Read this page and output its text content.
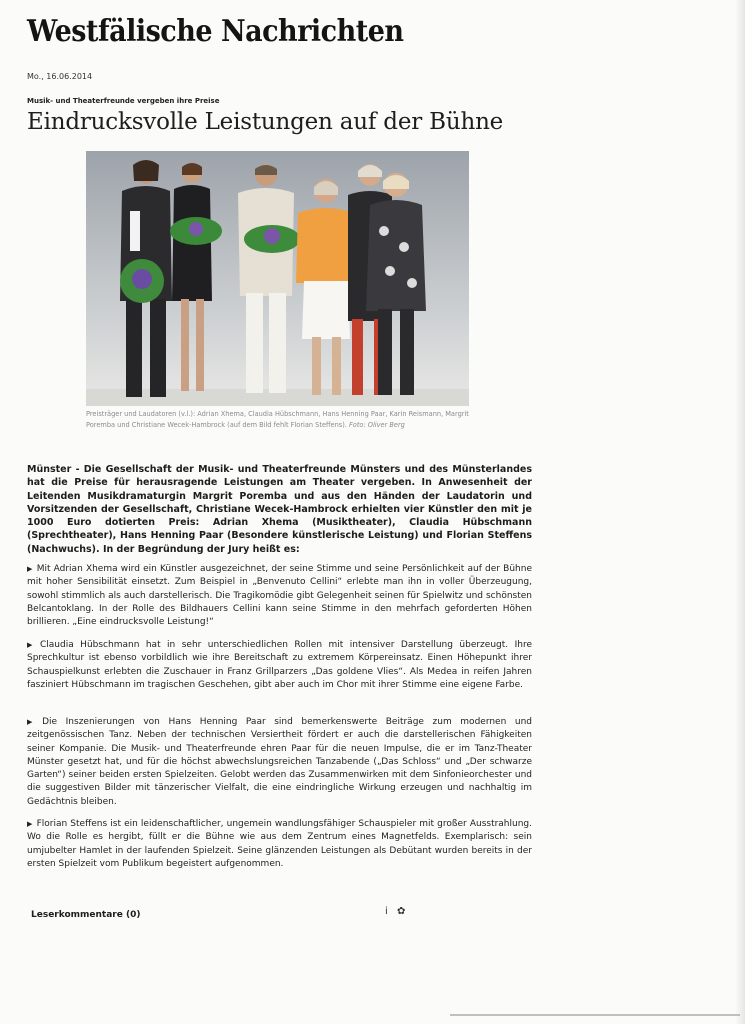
Westfälische Nachrichten
Mo., 16.06.2014
Musik- und Theaterfreunde vergeben ihre Preise
Eindrucksvolle Leistungen auf der Bühne
Preisträger und Laudatoren (v.l.): Adrian Xhema, Claudia Hübschmann, Hans Henning Paar, Karin Reismann, Margrit Poremba und Christiane Wecek-Hambrock (auf dem Bild fehlt Florian Steffens). Foto: Oliver Berg
Münster - Die Gesellschaft der Musik- und Theaterfreunde Münsters und des Münsterlandes hat die Preise für herausragende Leistungen am Theater vergeben. In Anwesenheit der Leitenden Musikdramaturgin Margrit Poremba und aus den Händen der Laudatorin und Vorsitzenden der Gesellschaft, Christiane Wecek-Hambrock erhielten vier Künstler den mit je 1000 Euro dotierten Preis: Adrian Xhema (Musiktheater), Claudia Hübschmann (Sprechtheater), Hans Henning Paar (Besondere künstlerische Leistung) und Florian Steffens (Nachwuchs). In der Begründung der Jury heißt es:
▶ Mit Adrian Xhema wird ein Künstler ausgezeichnet, der seine Stimme und seine Persönlichkeit auf der Bühne mit hoher Sensibilität einsetzt. Zum Beispiel in „Benvenuto Cellini“ erlebte man ihn in voller Überzeugung, sowohl stimmlich als auch darstellerisch. Die Tragikomödie gibt Gelegenheit seinen für Spielwitz und schönsten Belcantoklang. In der Rolle des Bildhauers Cellini kann seine Stimme in den mehrfach geforderten Höhen brillieren. „Eine eindrucksvolle Leistung!“
▶ Claudia Hübschmann hat in sehr unterschiedlichen Rollen mit intensiver Darstellung überzeugt. Ihre Sprechkultur ist ebenso vorbildlich wie ihre Bereitschaft zu extremem Körpereinsatz. Einen Höhepunkt ihrer Schauspielkunst erlebten die Zuschauer in Franz Grillparzers „Das goldene Vlies“. Als Medea in reifen Jahren fasziniert Hübschmann im tragischen Geschehen, gibt aber auch im Chor mit ihrer Stimme eine eigene Farbe.
▶ Die Inszenierungen von Hans Henning Paar sind bemerkenswerte Beiträge zum modernen und zeitgenössischen Tanz. Neben der technischen Versiertheit fördert er auch die darstellerischen Fähigkeiten seiner Kompanie. Die Musik- und Theaterfreunde ehren Paar für die neuen Impulse, die er im Tanz-Theater Münster gesetzt hat, und für die höchst abwechslungsreichen Tanzabende („Das Schloss“ und „Der schwarze Garten“) seiner beiden ersten Spielzeiten. Gelobt werden das Zusammenwirken mit dem Sinfonieorchester und die suggestiven Bilder mit tänzerischer Vielfalt, die eine eindringliche Wirkung erzeugen und nachhaltig im Gedächtnis bleiben.
▶ Florian Steffens ist ein leidenschaftlicher, ungemein wandlungsfähiger Schauspieler mit großer Ausstrahlung. Wo die Rolle es hergibt, füllt er die Bühne wie aus dem Zentrum eines Magnetfelds. Exemplarisch: sein umjubelter Hamlet in der laufenden Spielzeit. Seine glänzenden Leistungen als Debütant wurden bereits in der ersten Spielzeit vom Publikum begeistert aufgenommen.
Leserkommentare (0)	i ✿
